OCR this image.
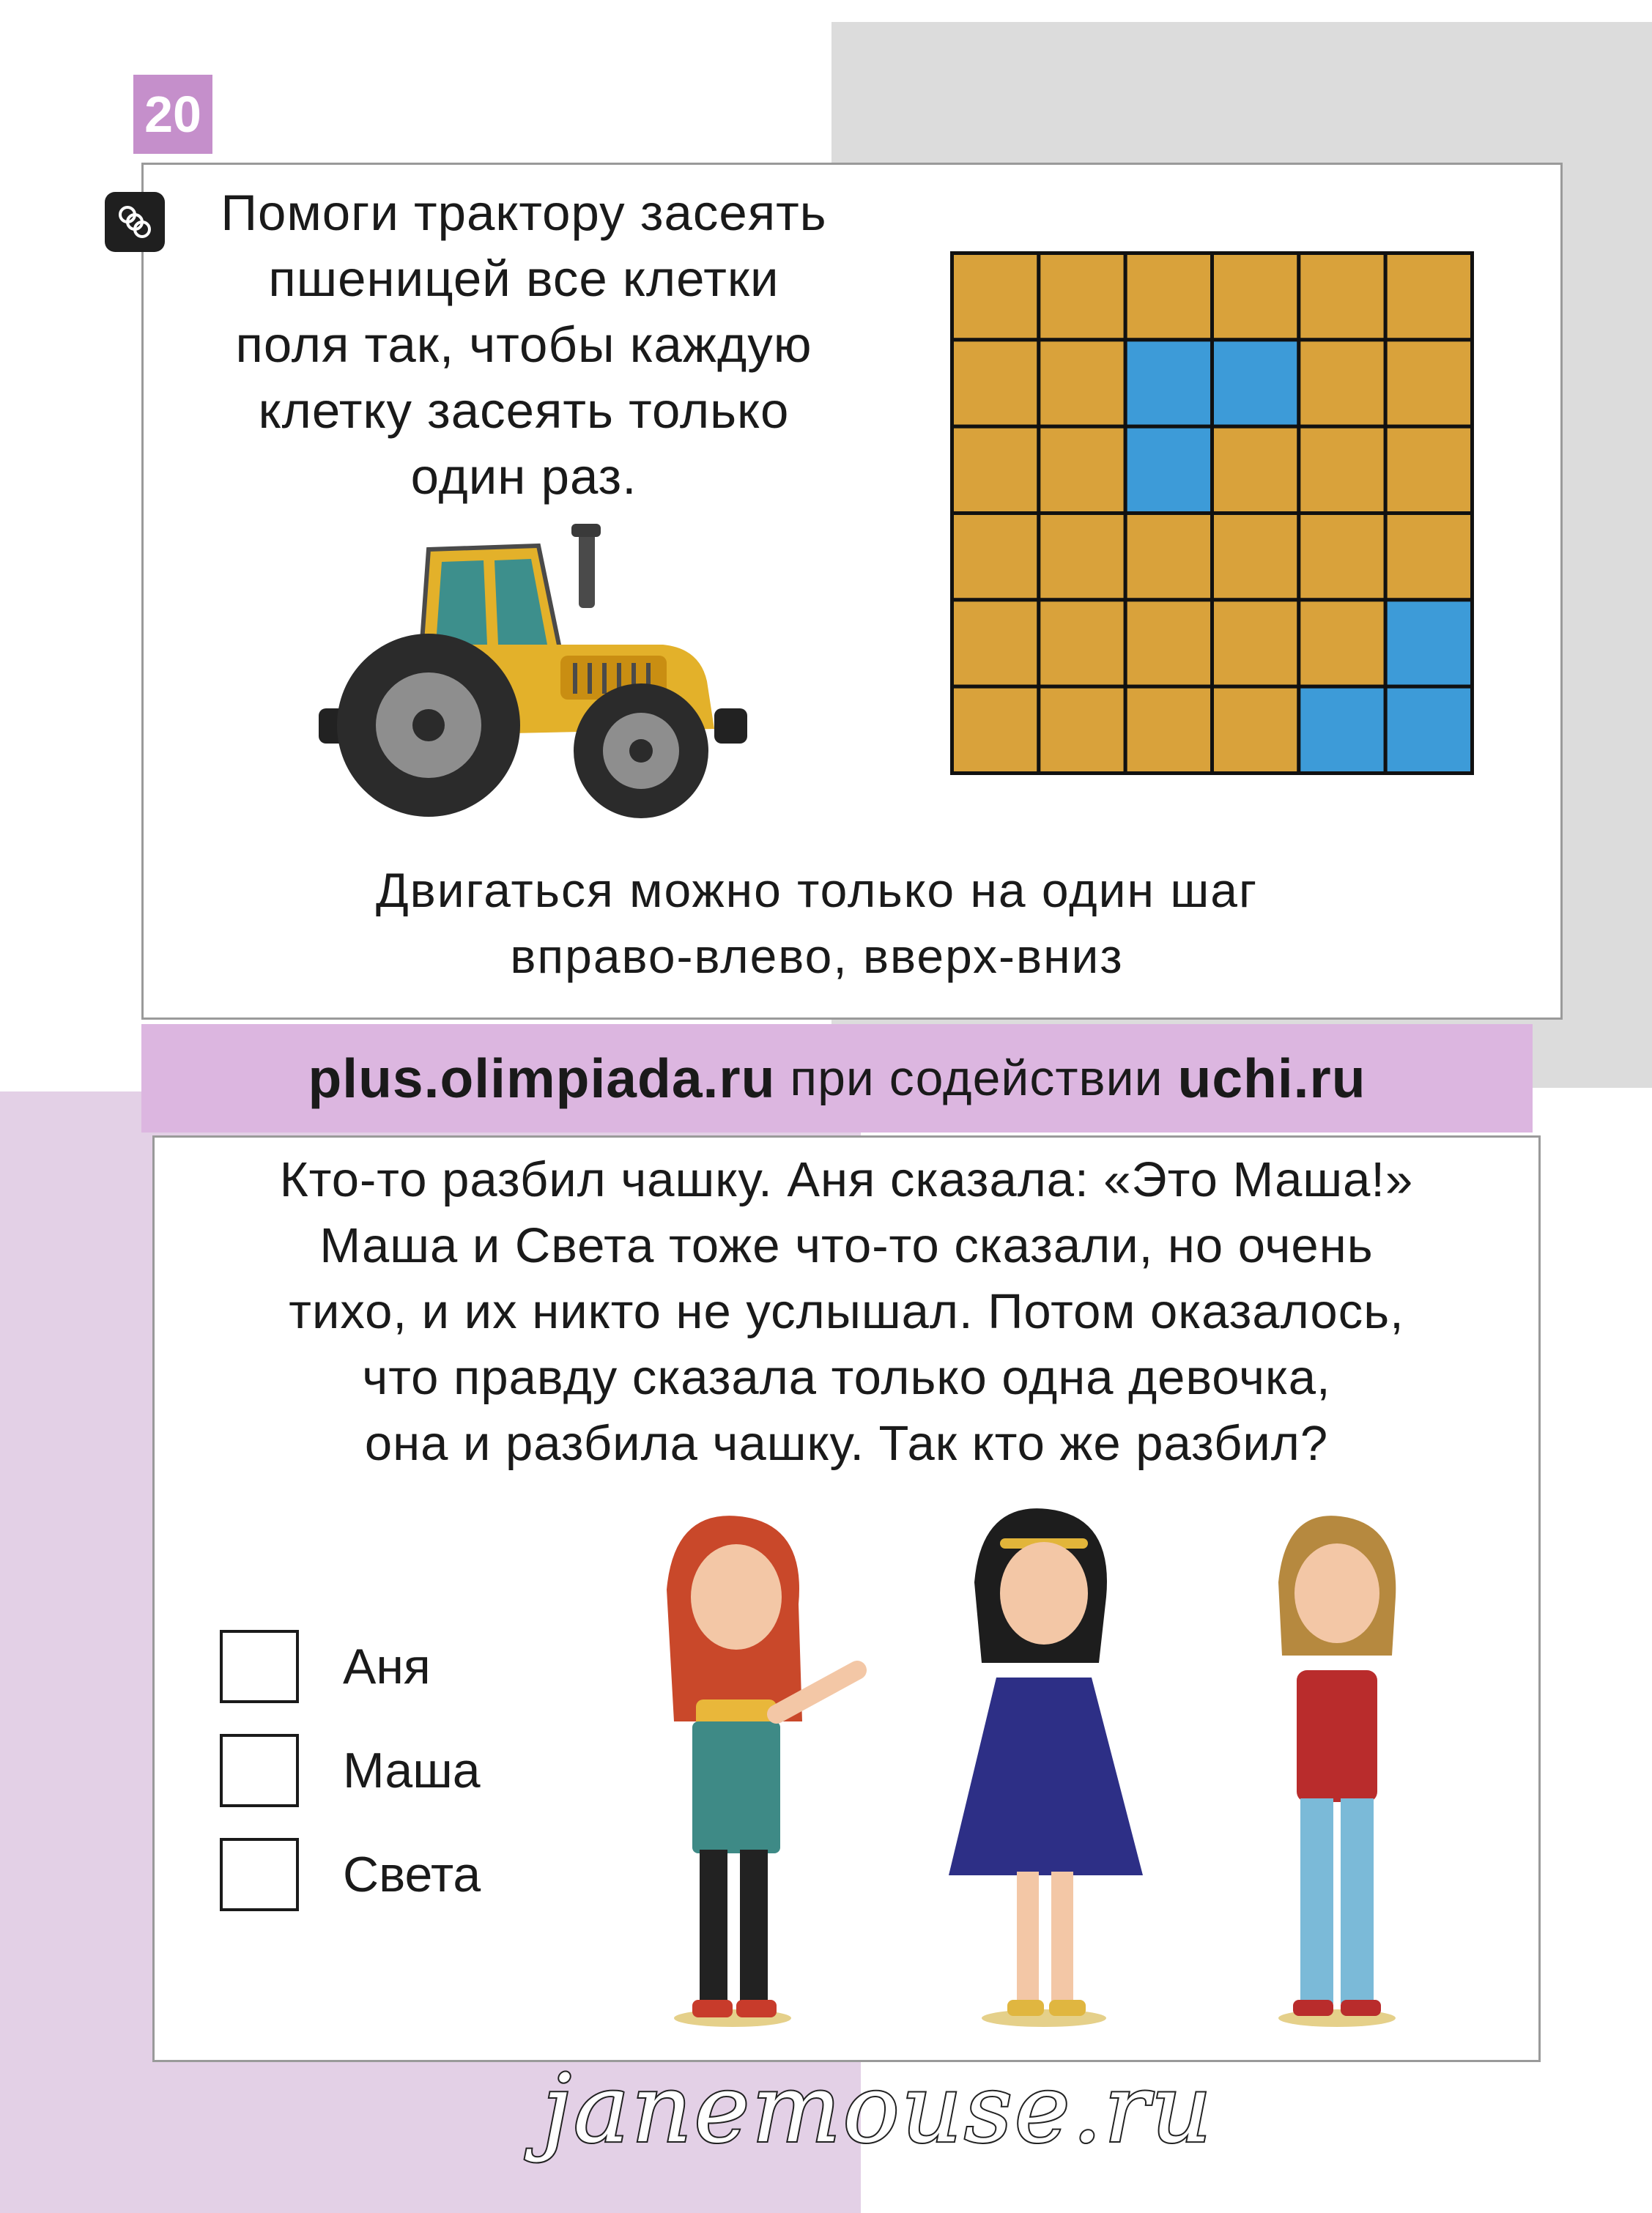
20
Помоги трактору засеять
пшеницей все клетки
поля так, чтобы каждую
клетку засеять только
один раз.
Двигаться можно только на один шаг
вправо-влево, вверх-вниз
plus.olimpiada.ru при содействии uchi.ru
Кто-то разбил чашку. Аня сказала: «Это Маша!»
Маша и Света тоже что-то сказали, но очень
тихо, и их никто не услышал. Потом оказалось,
что правду сказала только одна девочка,
она и разбила чашку. Так кто же разбил?
Аня
Маша
Света
janemouse.ru
